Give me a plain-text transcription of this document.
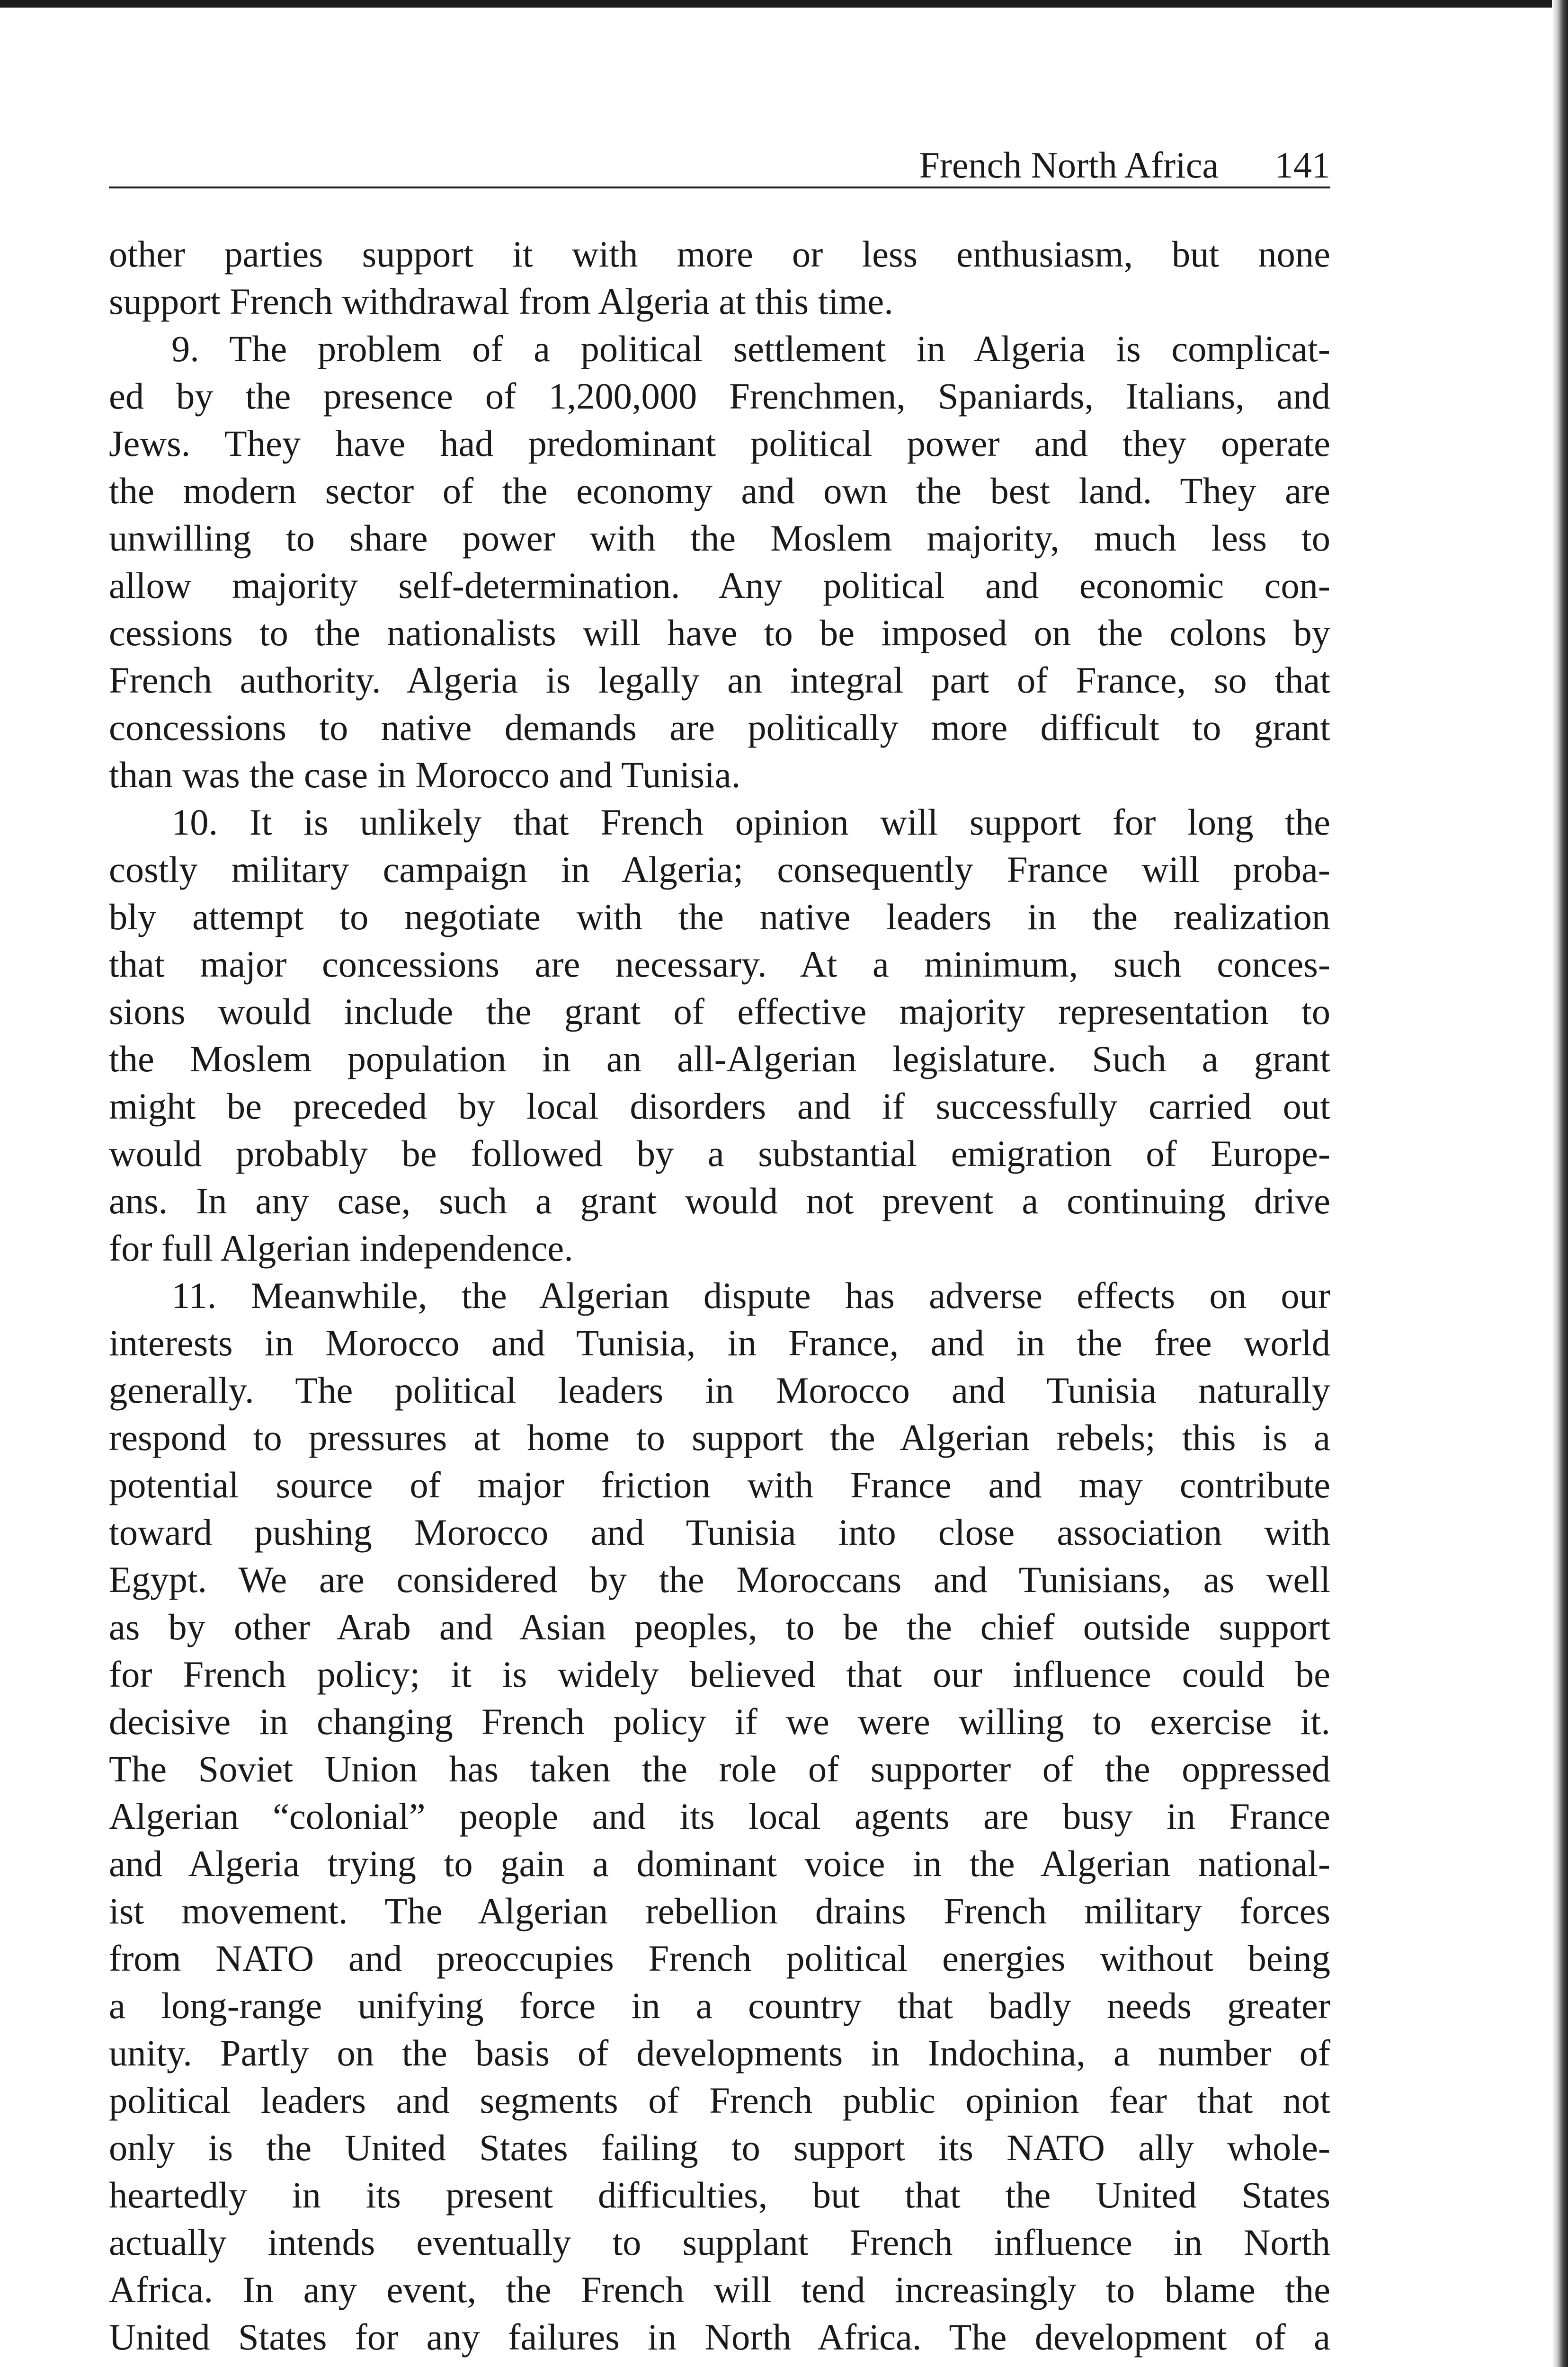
French North Africa 141
other parties support it with more or less enthusiasm, but none
support French withdrawal from Algeria at this time.
9. The problem of a political settlement in Algeria is complicat-
ed by the presence of 1,200,000 Frenchmen, Spaniards, Italians, and
Jews. They have had predominant political power and they operate
the modern sector of the economy and own the best land. They are
unwilling to share power with the Moslem majority, much less to
allow majority self-determination. Any political and economic con-
cessions to the nationalists will have to be imposed on the colons by
French authority. Algeria is legally an integral part of France, so that
concessions to native demands are politically more difficult to grant
than was the case in Morocco and Tunisia.
10. It is unlikely that French opinion will support for long the
costly military campaign in Algeria; consequently France will proba-
bly attempt to negotiate with the native leaders in the realization
that major concessions are necessary. At a minimum, such conces-
sions would include the grant of effective majority representation to
the Moslem population in an all-Algerian legislature. Such a grant
might be preceded by local disorders and if successfully carried out
would probably be followed by a substantial emigration of Europe-
ans. In any case, such a grant would not prevent a continuing drive
for full Algerian independence.
11. Meanwhile, the Algerian dispute has adverse effects on our
interests in Morocco and Tunisia, in France, and in the free world
generally. The political leaders in Morocco and Tunisia naturally
respond to pressures at home to support the Algerian rebels; this is a
potential source of major friction with France and may contribute
toward pushing Morocco and Tunisia into close association with
Egypt. We are considered by the Moroccans and Tunisians, as well
as by other Arab and Asian peoples, to be the chief outside support
for French policy; it is widely believed that our influence could be
decisive in changing French policy if we were willing to exercise it.
The Soviet Union has taken the role of supporter of the oppressed
Algerian “colonial” people and its local agents are busy in France
and Algeria trying to gain a dominant voice in the Algerian national-
ist movement. The Algerian rebellion drains French military forces
from NATO and preoccupies French political energies without being
a long-range unifying force in a country that badly needs greater
unity. Partly on the basis of developments in Indochina, a number of
political leaders and segments of French public opinion fear that not
only is the United States failing to support its NATO ally whole-
heartedly in its present difficulties, but that the United States
actually intends eventually to supplant French influence in North
Africa. In any event, the French will tend increasingly to blame the
United States for any failures in North Africa. The development of a
